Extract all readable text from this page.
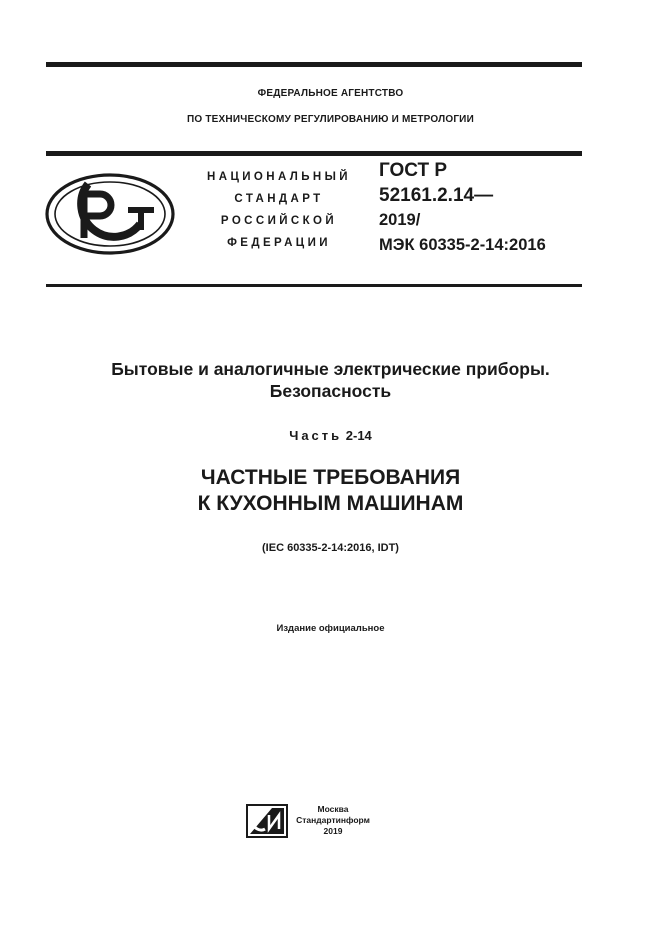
ФЕДЕРАЛЬНОЕ АГЕНТСТВО
ПО ТЕХНИЧЕСКОМУ РЕГУЛИРОВАНИЮ И МЕТРОЛОГИИ
НАЦИОНАЛЬНЫЙ
СТАНДАРТ
РОССИЙСКОЙ
ФЕДЕРАЦИИ
ГОСТ Р
52161.2.14—
2019/
МЭК 60335-2-14:2016
Бытовые и аналогичные электрические приборы.
Безопасность
Часть 2-14
ЧАСТНЫЕ ТРЕБОВАНИЯ
К КУХОННЫМ МАШИНАМ
(IEC 60335-2-14:2016, IDT)
Издание официальное
Москва
Стандартинформ
2019
